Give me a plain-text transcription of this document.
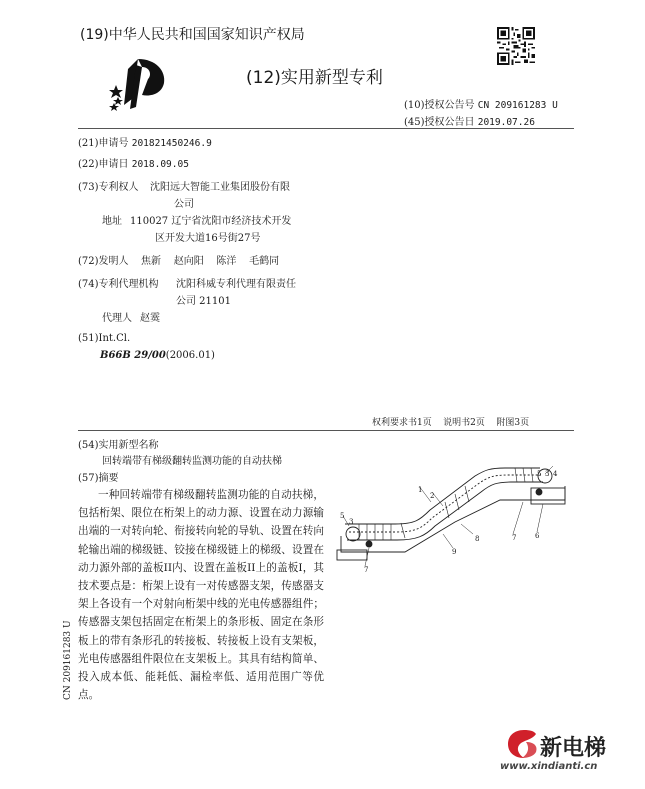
(19)中华人民共和国国家知识产权局
(12)实用新型专利
(10)授权公告号 CN 209161283 U
(45)授权公告日 2019.07.26
(21)申请号 201821450246.9
(22)申请日 2018.09.05
(73)专利权人 沈阳远大智能工业集团股份有限
公司
地址 110027 辽宁省沈阳市经济技术开发
区开发大道16号街27号
(72)发明人 焦新    赵向阳    陈洋    毛鹤同
(74)专利代理机构 沈阳科威专利代理有限责任
公司 21101
代理人 赵霙
(51)Int.Cl.
B66B 29/00(2006.01)
权利要求书1页    说明书2页    附图3页
(54)实用新型名称
回转端带有梯级翻转监测功能的自动扶梯
(57)摘要
一种回转端带有梯级翻转监测功能的自动扶梯，包括桁架、限位在桁架上的动力源、设置在动力源输出端的一对转向轮、衔接转向轮的导轨、设置在转向轮输出端的梯级链、铰接在梯级链上的梯级、设置在动力源外部的盖板II内、设置在盖板II上的盖板I，其技术要点是：桁架上设有一对传感器支架，传感器支架上各设有一个对射向桁架中线的光电传感器组件；传感器支架包括固定在桁架上的条形板、固定在条形板上的带有条形孔的转接板、转接板上设有支架板，光电传感器组件限位在支架板上。其具有结构简单、投入成本低、能耗低、漏检率低、适用范围广等优点。
1
2
5 3 4
8	7	6
5
3
7
9
CN 209161283 U
新电梯
www.xindianti.cn
